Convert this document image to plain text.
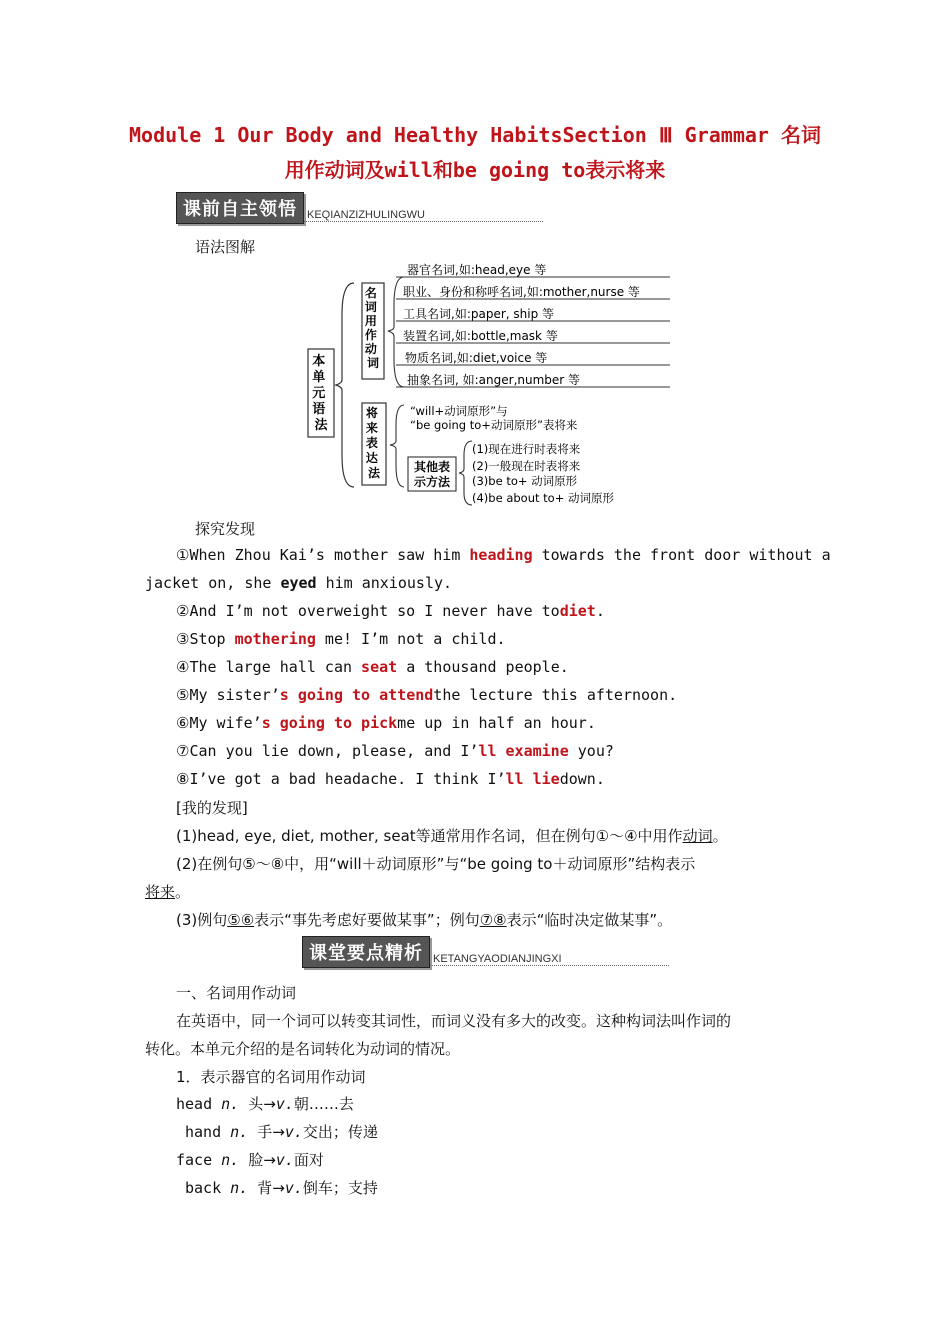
Module 1 Our Body and Healthy HabitsSection Ⅲ Grammar 名词
用作动词及will和be going to表示将来
课前自主领悟 KEQIANZIZHULINGWU
语法图解
本 单 元 语 法
名 词 用 作 动 词
器官名词,如:head,eye 等
职业、身份和称呼名词,如:mother,nurse 等
工具名词,如:paper, ship 等
装置名词,如:bottle,mask 等
物质名词,如:diet,voice 等
抽象名词, 如:anger,number 等
将 来 表 达 法
“will+动词原形”与
“be going to+动词原形”表将来
其他表
示方法
(1)现在进行时表将来
(2)一般现在时表将来
(3)be to+ 动词原形
(4)be about to+ 动词原形
探究发现
①When Zhou Kai’s mother saw him heading towards the front door without a
jacket on, she eyed him anxiously.
②And I’m not overweight so I never have todiet.
③Stop mothering me! I’m not a child.
④The large hall can seat a thousand people.
⑤My sister’s going to attendthe lecture this afternoon.
⑥My wife’s going to pickme up in half an hour.
⑦Can you lie down, please, and I’ll examine you?
⑧I’ve got a bad headache. I think I’ll liedown.
[我的发现]
(1)head, eye, diet, mother, seat等通常用作名词，但在例句①～④中用作动词。
(2)在例句⑤～⑧中，用“will＋动词原形”与“be going to＋动词原形”结构表示
将来。
(3)例句⑤⑥表示“事先考虑好要做某事”；例句⑦⑧表示“临时决定做某事”。
课堂要点精析 KETANGYAODIANJINGXI
一、名词用作动词
在英语中，同一个词可以转变其词性，而词义没有多大的改变。这种构词法叫作词的
转化。本单元介绍的是名词转化为动词的情况。
1．表示器官的名词用作动词
head n. 头→v.朝……去
hand n. 手→v.交出；传递
face n. 脸→v.面对
back n. 背→v.倒车；支持
